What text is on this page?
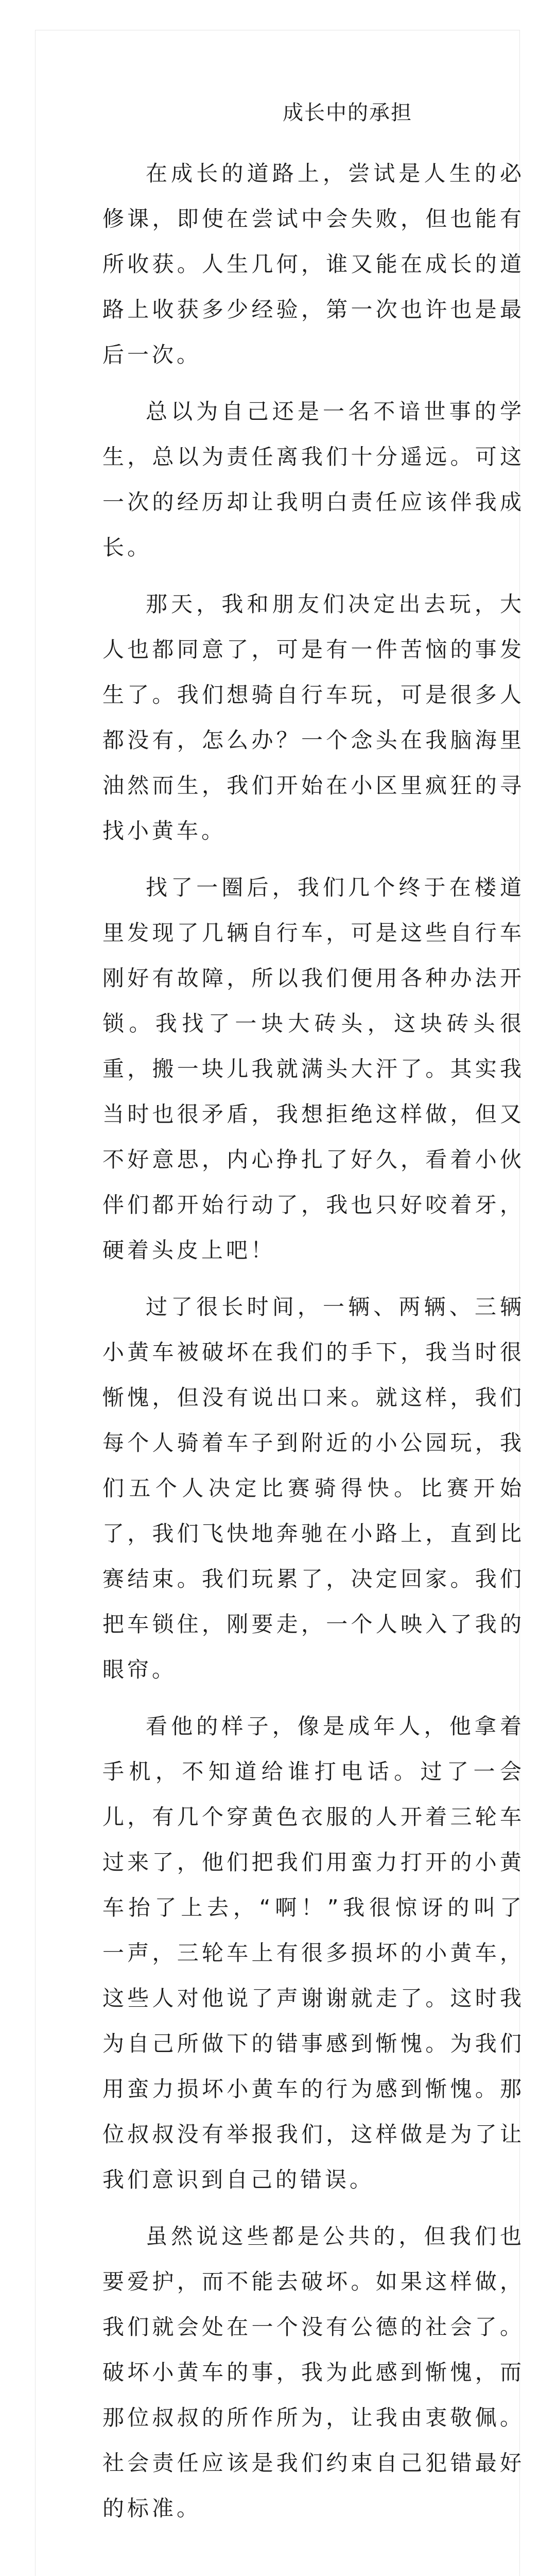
成长中的承担

在成长的道路上，尝试是人生的必修课，即使在尝试中会失败，但也能有所收获。人生几何，谁又能在成长的道路上收获多少经验，第一次也许也是最后一次。

总以为自己还是一名不谙世事的学生，总以为责任离我们十分遥远。可这一次的经历却让我明白责任应该伴我成长。

那天，我和朋友们决定出去玩，大人也都同意了，可是有一件苦恼的事发生了。我们想骑自行车玩，可是很多人都没有，怎么办？一个念头在我脑海里油然而生，我们开始在小区里疯狂的寻找小黄车。

找了一圈后，我们几个终于在楼道里发现了几辆自行车，可是这些自行车刚好有故障，所以我们便用各种办法开锁。我找了一块大砖头，这块砖头很重，搬一块儿我就满头大汗了。其实我当时也很矛盾，我想拒绝这样做，但又不好意思，内心挣扎了好久，看着小伙伴们都开始行动了，我也只好咬着牙，硬着头皮上吧！

过了很长时间，一辆、两辆、三辆小黄车被破坏在我们的手下，我当时很惭愧，但没有说出口来。就这样，我们每个人骑着车子到附近的小公园玩，我们五个人决定比赛骑得快。比赛开始了，我们飞快地奔驰在小路上，直到比赛结束。我们玩累了，决定回家。我们把车锁住，刚要走，一个人映入了我的眼帘。

看他的样子，像是成年人，他拿着手机，不知道给谁打电话。过了一会儿，有几个穿黄色衣服的人开着三轮车过来了，他们把我们用蛮力打开的小黄车抬了上去，“啊！”我很惊讶的叫了一声，三轮车上有很多损坏的小黄车，这些人对他说了声谢谢就走了。这时我为自己所做下的错事感到惭愧。为我们用蛮力损坏小黄车的行为感到惭愧。那位叔叔没有举报我们，这样做是为了让我们意识到自己的错误。

虽然说这些都是公共的，但我们也要爱护，而不能去破坏。如果这样做，我们就会处在一个没有公德的社会了。破坏小黄车的事，我为此感到惭愧，而那位叔叔的所作所为，让我由衷敬佩。社会责任应该是我们约束自己犯错最好的标准。
